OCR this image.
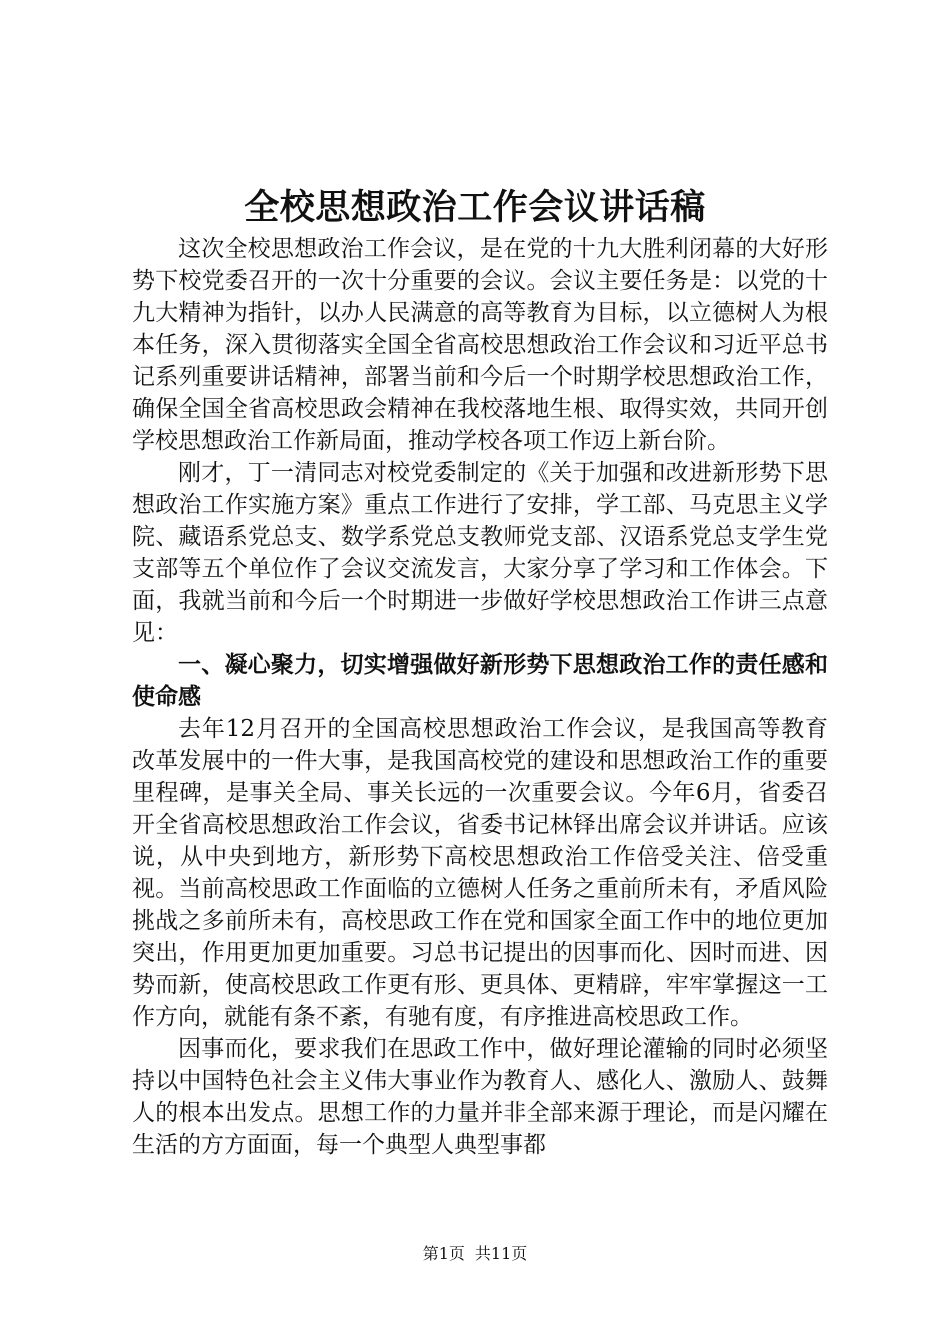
全校思想政治工作会议讲话稿

这次全校思想政治工作会议，是在党的十九大胜利闭幕的大好形势下校党委召开的一次十分重要的会议。会议主要任务是：以党的十九大精神为指针，以办人民满意的高等教育为目标，以立德树人为根本任务，深入贯彻落实全国全省高校思想政治工作会议和习近平总书记系列重要讲话精神，部署当前和今后一个时期学校思想政治工作，确保全国全省高校思政会精神在我校落地生根、取得实效，共同开创学校思想政治工作新局面，推动学校各项工作迈上新台阶。

刚才，丁一清同志对校党委制定的《关于加强和改进新形势下思想政治工作实施方案》重点工作进行了安排，学工部、马克思主义学院、藏语系党总支、数学系党总支教师党支部、汉语系党总支学生党支部等五个单位作了会议交流发言，大家分享了学习和工作体会。下面，我就当前和今后一个时期进一步做好学校思想政治工作讲三点意见：

一、凝心聚力，切实增强做好新形势下思想政治工作的责任感和使命感

去年12月召开的全国高校思想政治工作会议，是我国高等教育改革发展中的一件大事，是我国高校党的建设和思想政治工作的重要里程碑，是事关全局、事关长远的一次重要会议。今年6月，省委召开全省高校思想政治工作会议，省委书记林铎出席会议并讲话。应该说，从中央到地方，新形势下高校思想政治工作倍受关注、倍受重视。当前高校思政工作面临的立德树人任务之重前所未有，矛盾风险挑战之多前所未有，高校思政工作在党和国家全面工作中的地位更加突出，作用更加更加重要。习总书记提出的因事而化、因时而进、因势而新，使高校思政工作更有形、更具体、更精辟，牢牢掌握这一工作方向，就能有条不紊，有驰有度，有序推进高校思政工作。

因事而化，要求我们在思政工作中，做好理论灌输的同时必须坚持以中国特色社会主义伟大事业作为教育人、感化人、激励人、鼓舞人的根本出发点。思想工作的力量并非全部来源于理论，而是闪耀在生活的方方面面，每一个典型人典型事都

第1页 共11页
